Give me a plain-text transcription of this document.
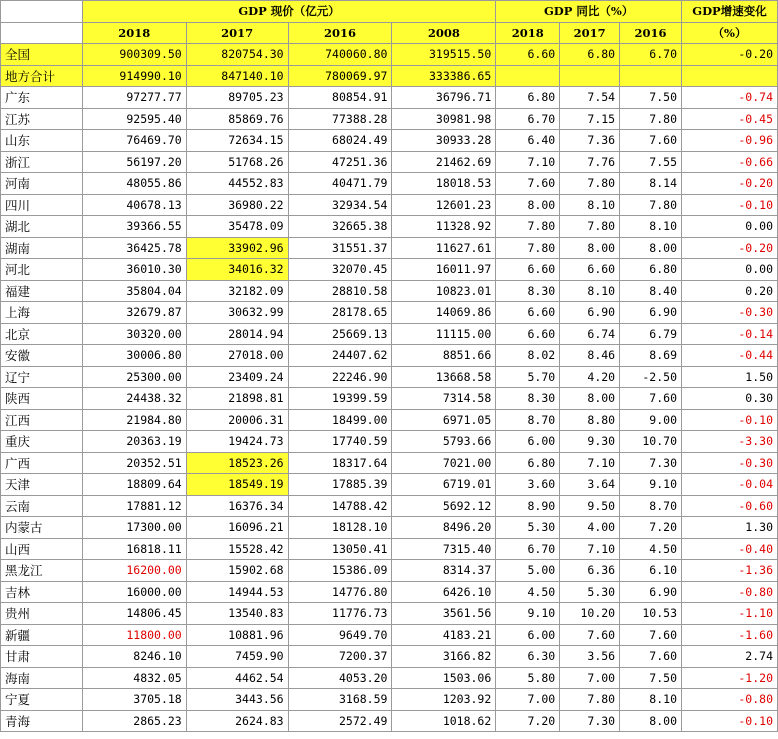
	GDP 现价（亿元）				GDP 同比（%）			GDP增速变化
	2018	2017	2016	2008	2018	2017	2016	（%）
全国	900309.50	820754.30	740060.80	319515.50	6.60	6.80	6.70	-0.20
地方合计	914990.10	847140.10	780069.97	333386.65				
广东	97277.77	89705.23	80854.91	36796.71	6.80	7.54	7.50	-0.74
江苏	92595.40	85869.76	77388.28	30981.98	6.70	7.15	7.80	-0.45
山东	76469.70	72634.15	68024.49	30933.28	6.40	7.36	7.60	-0.96
浙江	56197.20	51768.26	47251.36	21462.69	7.10	7.76	7.55	-0.66
河南	48055.86	44552.83	40471.79	18018.53	7.60	7.80	8.14	-0.20
四川	40678.13	36980.22	32934.54	12601.23	8.00	8.10	7.80	-0.10
湖北	39366.55	35478.09	32665.38	11328.92	7.80	7.80	8.10	0.00
湖南	36425.78	33902.96	31551.37	11627.61	7.80	8.00	8.00	-0.20
河北	36010.30	34016.32	32070.45	16011.97	6.60	6.60	6.80	0.00
福建	35804.04	32182.09	28810.58	10823.01	8.30	8.10	8.40	0.20
上海	32679.87	30632.99	28178.65	14069.86	6.60	6.90	6.90	-0.30
北京	30320.00	28014.94	25669.13	11115.00	6.60	6.74	6.79	-0.14
安徽	30006.80	27018.00	24407.62	8851.66	8.02	8.46	8.69	-0.44
辽宁	25300.00	23409.24	22246.90	13668.58	5.70	4.20	-2.50	1.50
陕西	24438.32	21898.81	19399.59	7314.58	8.30	8.00	7.60	0.30
江西	21984.80	20006.31	18499.00	6971.05	8.70	8.80	9.00	-0.10
重庆	20363.19	19424.73	17740.59	5793.66	6.00	9.30	10.70	-3.30
广西	20352.51	18523.26	18317.64	7021.00	6.80	7.10	7.30	-0.30
天津	18809.64	18549.19	17885.39	6719.01	3.60	3.64	9.10	-0.04
云南	17881.12	16376.34	14788.42	5692.12	8.90	9.50	8.70	-0.60
内蒙古	17300.00	16096.21	18128.10	8496.20	5.30	4.00	7.20	1.30
山西	16818.11	15528.42	13050.41	7315.40	6.70	7.10	4.50	-0.40
黑龙江	16200.00	15902.68	15386.09	8314.37	5.00	6.36	6.10	-1.36
吉林	16000.00	14944.53	14776.80	6426.10	4.50	5.30	6.90	-0.80
贵州	14806.45	13540.83	11776.73	3561.56	9.10	10.20	10.53	-1.10
新疆	11800.00	10881.96	9649.70	4183.21	6.00	7.60	7.60	-1.60
甘肃	8246.10	7459.90	7200.37	3166.82	6.30	3.56	7.60	2.74
海南	4832.05	4462.54	4053.20	1503.06	5.80	7.00	7.50	-1.20
宁夏	3705.18	3443.56	3168.59	1203.92	7.00	7.80	8.10	-0.80
青海	2865.23	2624.83	2572.49	1018.62	7.20	7.30	8.00	-0.10
